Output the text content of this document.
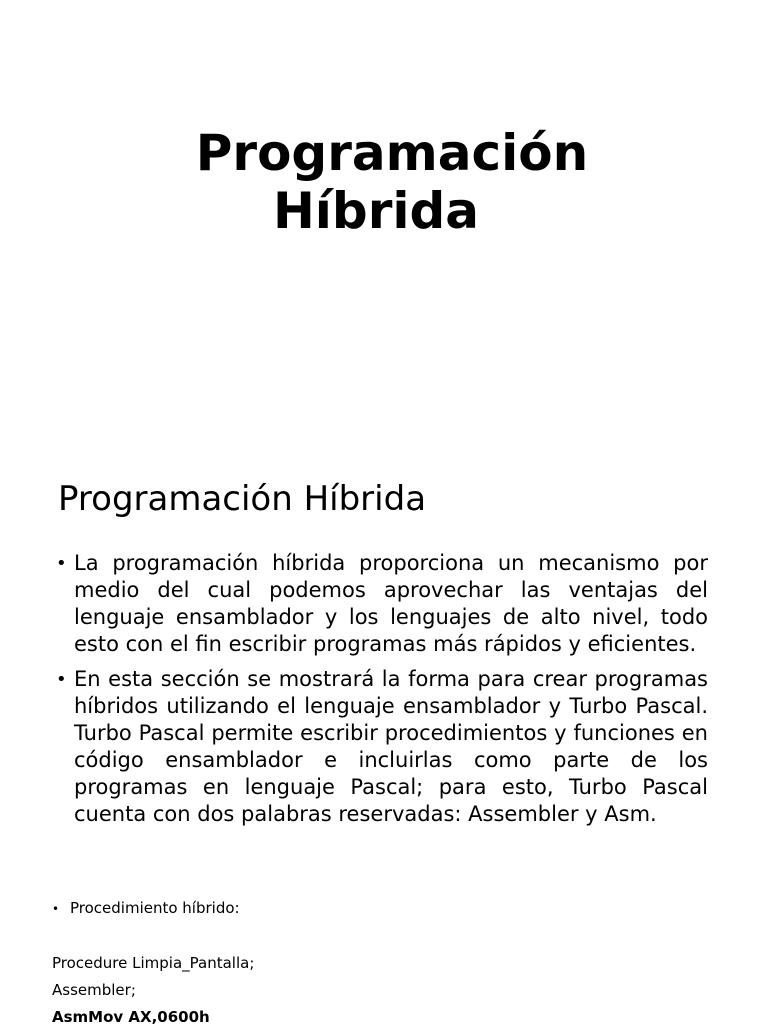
Programación
Híbrida
Programación Híbrida
• La programación híbrida proporciona un mecanismo por medio del cual podemos aprovechar las ventajas del lenguaje ensamblador y los lenguajes de alto nivel, todo esto con el fin escribir programas más rápidos y eficientes.
• En esta sección se mostrará la forma para crear programas híbridos utilizando el lenguaje ensamblador y Turbo Pascal. Turbo Pascal permite escribir procedimientos y funciones en código ensamblador e incluirlas como parte de los programas en lenguaje Pascal; para esto, Turbo Pascal cuenta con dos palabras reservadas: Assembler y Asm.

• Procedimiento híbrido:

Procedure Limpia_Pantalla;
Assembler;
AsmMov AX,0600h
